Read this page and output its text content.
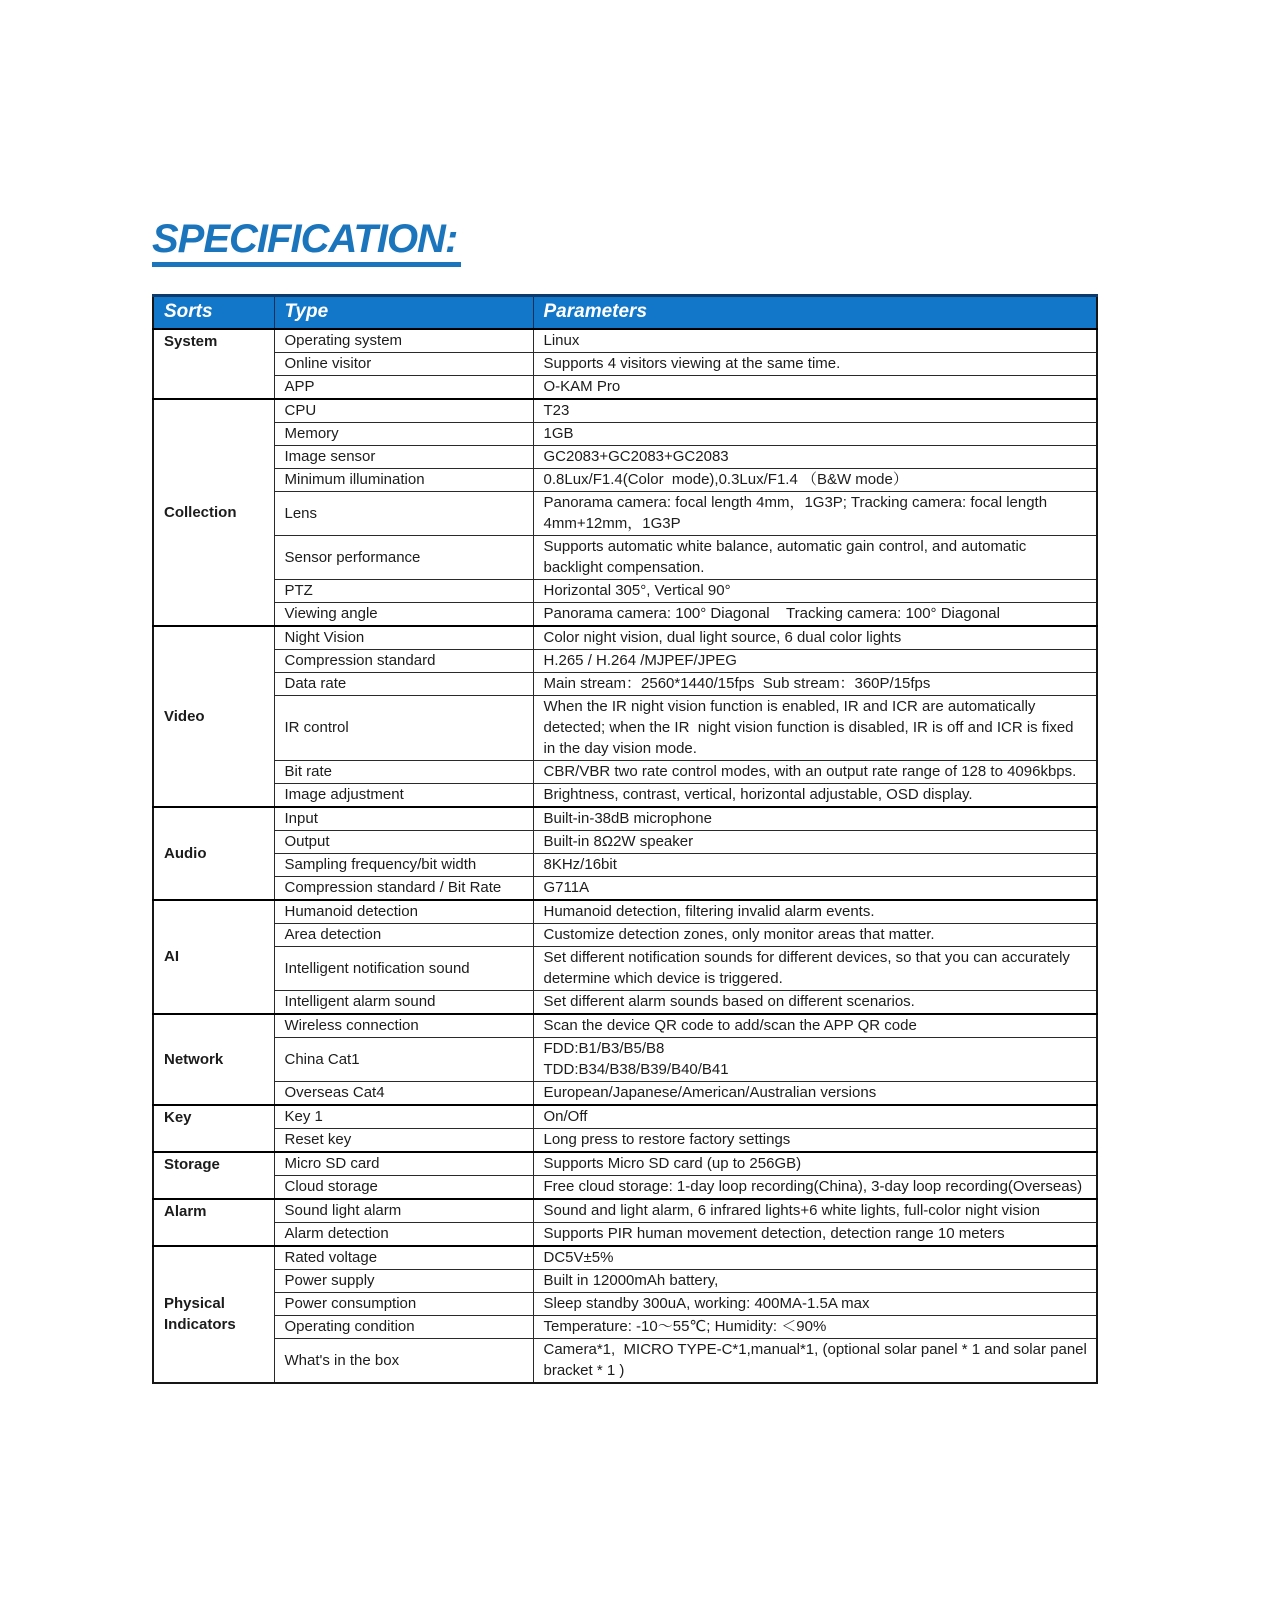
SPECIFICATION:
Sorts	Type	Parameters
System	Operating system	Linux
	Online visitor	Supports 4 visitors viewing at the same time.
	APP	O-KAM Pro
Collection	CPU	T23
	Memory	1GB
	Image sensor	GC2083+GC2083+GC2083
	Minimum illumination	0.8Lux/F1.4(Color  mode),0.3Lux/F1.4 （B&W mode）
	Lens	Panorama camera: focal length 4mm，1G3P; Tracking camera: focal length 4mm+12mm，1G3P
	Sensor performance	Supports automatic white balance, automatic gain control, and automatic backlight compensation.
	PTZ	Horizontal 305°, Vertical 90°
	Viewing angle	Panorama camera: 100° Diagonal    Tracking camera: 100° Diagonal
Video	Night Vision	Color night vision, dual light source, 6 dual color lights
	Compression standard	H.265 / H.264 /MJPEF/JPEG
	Data rate	Main stream：2560*1440/15fps  Sub stream：360P/15fps
	IR control	When the IR night vision function is enabled, IR and ICR are automatically detected; when the IR  night vision function is disabled, IR is off and ICR is fixed in the day vision mode.
	Bit rate	CBR/VBR two rate control modes, with an output rate range of 128 to 4096kbps.
	Image adjustment	Brightness, contrast, vertical, horizontal adjustable, OSD display.
Audio	Input	Built-in-38dB microphone
	Output	Built-in 8Ω2W speaker
	Sampling frequency/bit width	8KHz/16bit
	Compression standard / Bit Rate	G711A
AI	Humanoid detection	Humanoid detection, filtering invalid alarm events.
	Area detection	Customize detection zones, only monitor areas that matter.
	Intelligent notification sound	Set different notification sounds for different devices, so that you can accurately determine which device is triggered.
	Intelligent alarm sound	Set different alarm sounds based on different scenarios.
Network	Wireless connection	Scan the device QR code to add/scan the APP QR code
	China Cat1	FDD:B1/B3/B5/B8
TDD:B34/B38/B39/B40/B41

	Overseas Cat4	European/Japanese/American/Australian versions
Key	Key 1	On/Off
	Reset key	Long press to restore factory settings
Storage	Micro SD card	Supports Micro SD card (up to 256GB)
	Cloud storage	Free cloud storage: 1-day loop recording(China), 3-day loop recording(Overseas)
Alarm	Sound light alarm	Sound and light alarm, 6 infrared lights+6 white lights, full-color night vision
	Alarm detection	Supports PIR human movement detection, detection range 10 meters
Physical Indicators	Rated voltage	DC5V±5%
	Power supply	Built in 12000mAh battery,
	Power consumption	Sleep standby 300uA, working: 400MA-1.5A max
	Operating condition	Temperature: -10～55℃; Humidity: ＜90%
	What's in the box	Camera*1,  MICRO TYPE-C*1,manual*1, (optional solar panel * 1 and solar panel bracket * 1 )
